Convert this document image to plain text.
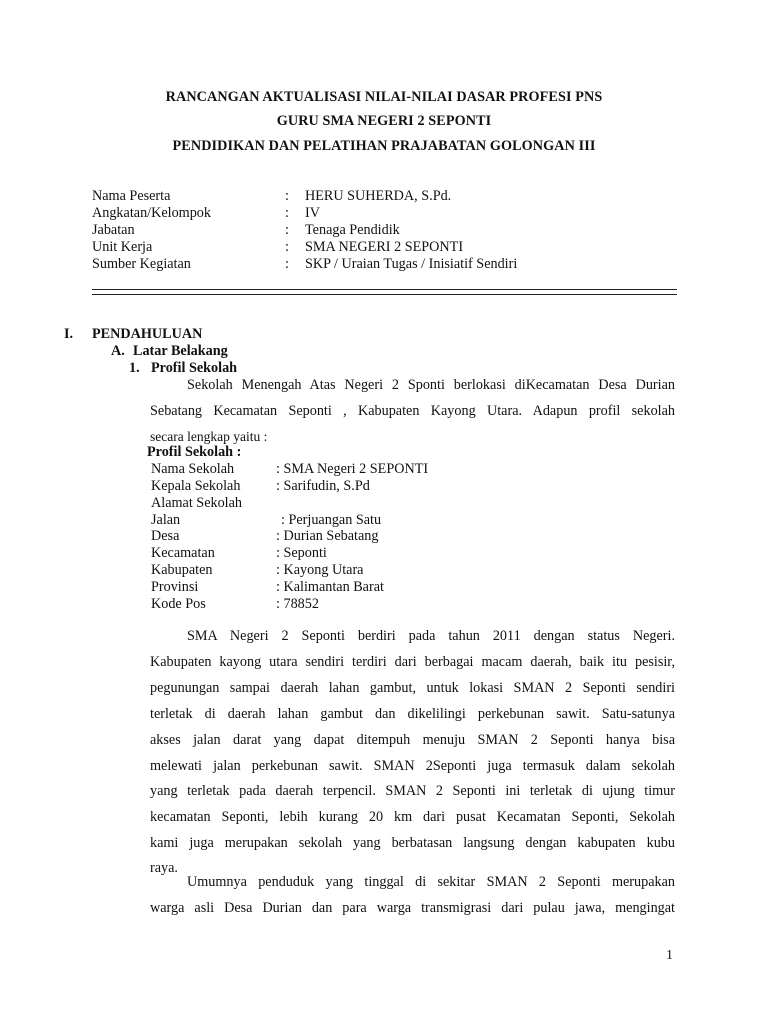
RANCANGAN AKTUALISASI NILAI-NILAI DASAR PROFESI PNS
GURU SMA NEGERI 2 SEPONTI
PENDIDIKAN DAN PELATIHAN PRAJABATAN GOLONGAN III
Nama Peserta	: HERU SUHERDA, S.Pd.
Angkatan/Kelompok	: IV
Jabatan	: Tenaga Pendidik
Unit Kerja	: SMA NEGERI 2 SEPONTI
Sumber Kegiatan	: SKP / Uraian Tugas / Inisiatif Sendiri
I. PENDAHULUAN
A. Latar Belakang
1. Profil Sekolah
Sekolah Menengah Atas Negeri 2 Sponti berlokasi diKecamatan Desa Durian
Sebatang Kecamatan Seponti , Kabupaten Kayong Utara. Adapun profil sekolah
secara lengkap yaitu :
Profil Sekolah :
Nama Sekolah	: SMA Negeri 2 SEPONTI
Kepala Sekolah	: Sarifudin, S.Pd
Alamat Sekolah
Jalan	: Perjuangan Satu
Desa	: Durian Sebatang
Kecamatan	: Seponti
Kabupaten	: Kayong Utara
Provinsi	: Kalimantan Barat
Kode Pos	: 78852
SMA Negeri 2 Seponti berdiri pada tahun 2011 dengan status Negeri.
Kabupaten kayong utara sendiri terdiri dari berbagai macam daerah, baik itu pesisir,
pegunungan sampai daerah lahan gambut, untuk lokasi SMAN 2 Seponti sendiri
terletak di daerah lahan gambut dan dikelilingi perkebunan sawit. Satu-satunya
akses jalan darat yang dapat ditempuh menuju SMAN 2 Seponti hanya bisa
melewati jalan perkebunan sawit. SMAN 2Seponti juga termasuk dalam sekolah
yang terletak pada daerah terpencil. SMAN 2 Seponti ini terletak di ujung timur
kecamatan Seponti, lebih kurang 20 km dari pusat Kecamatan Seponti, Sekolah
kami juga merupakan sekolah yang berbatasan langsung dengan kabupaten kubu
raya.
Umumnya penduduk yang tinggal di sekitar SMAN 2 Seponti merupakan
warga asli Desa Durian dan para warga transmigrasi dari pulau jawa, mengingat
1
